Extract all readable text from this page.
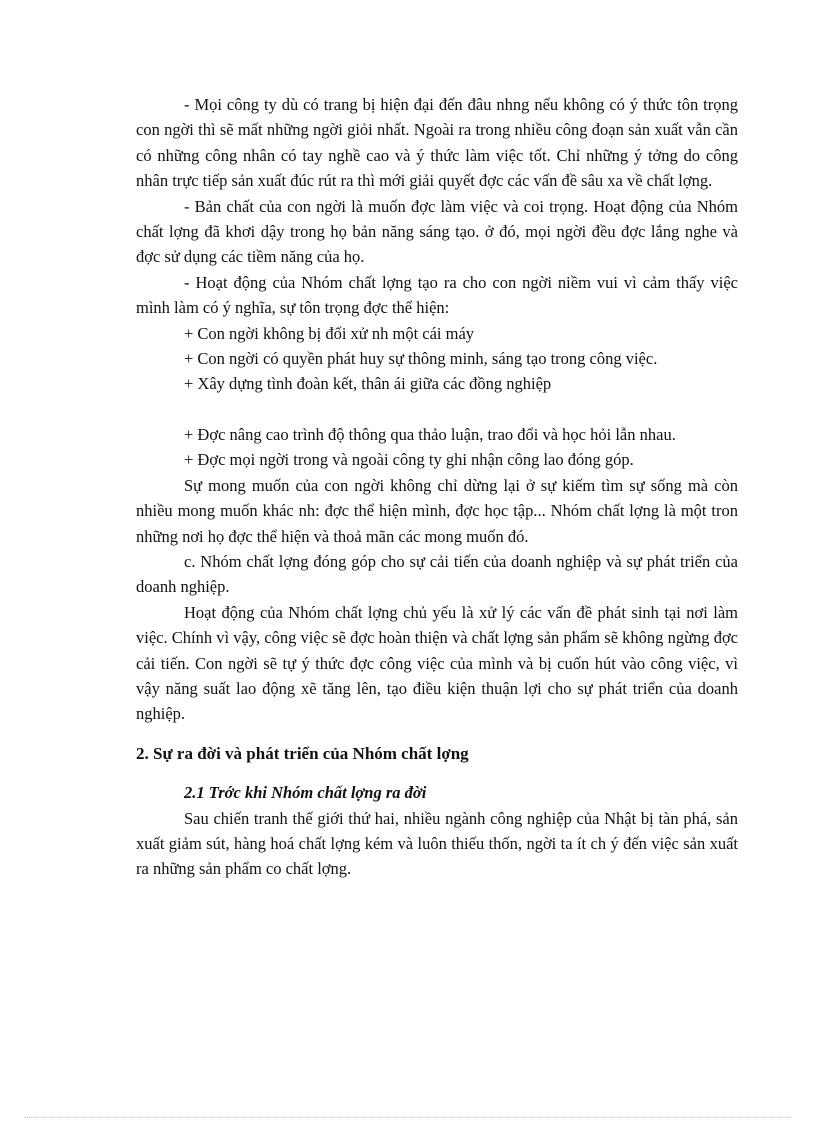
- Mọi công ty dù có trang bị hiện đại đến đâu nhng nếu không có ý thức tôn trọng con ngời thì sẽ mất những ngời giỏi nhất. Ngoài ra trong nhiều công đoạn sản xuất vẫn cần có những công nhân có tay nghề cao và ý thức làm việc tốt. Chỉ những ý tởng do công nhân trực tiếp sản xuất đúc rút ra thì mới giải quyết đợc các vấn đề sâu xa về chất lợng.

- Bản chất của con ngời là muốn đợc làm việc và coi trọng. Hoạt động của Nhóm chất lợng đã khơi dậy trong họ bản năng sáng tạo. ở đó, mọi ngời đều đợc lắng nghe và đợc sử dụng các tiềm năng của họ.

- Hoạt động của Nhóm chất lợng tạo ra cho con ngời niềm vui vì cảm thấy việc mình làm có ý nghĩa, sự tôn trọng đợc thể hiện:

+ Con ngời không bị đối xử nh một cái máy

+ Con ngời có quyền phát huy sự thông minh, sáng tạo trong công việc.

+ Xây dựng tình đoàn kết, thân ái giữa các đồng nghiệp

+ Đợc nâng cao trình độ thông qua thảo luận, trao đổi và học hỏi lẫn nhau.

+ Đợc mọi ngời trong và ngoài công ty ghi nhận công lao đóng góp.

Sự mong muốn của con ngời không chỉ dừng lại ở sự kiếm tìm sự sống mà còn nhiều mong muốn khác nh: đợc thể hiện mình, đợc học tập... Nhóm chất lợng là một tron những nơi họ đợc thể hiện và thoả mãn các mong muốn đó.

c. Nhóm chất lợng đóng góp cho sự cải tiến của doanh nghiệp và sự phát triển của doanh nghiệp.

Hoạt động của Nhóm chất lợng chủ yếu là xử lý các vấn đề phát sinh tại nơi làm việc. Chính vì vậy, công việc sẽ đợc hoàn thiện và chất lợng sản phẩm sẽ không ngừng đợc cải tiến. Con ngời sẽ tự ý thức đợc công việc của mình và bị cuốn hút vào công việc, vì vậy năng suất lao động xẽ tăng lên, tạo điều kiện thuận lợi cho sự phát triển của doanh nghiệp.

2. Sự ra đời và phát triển của Nhóm chất lợng

2.1 Trớc khi Nhóm chất lợng ra đời

Sau chiến tranh thế giới thứ hai, nhiều ngành công nghiệp của Nhật bị tàn phá, sản xuất giảm sút, hàng hoá chất lợng kém và luôn thiếu thốn, ngời ta ít ch ý đến việc sản xuất ra những sản phẩm co chất lợng.
